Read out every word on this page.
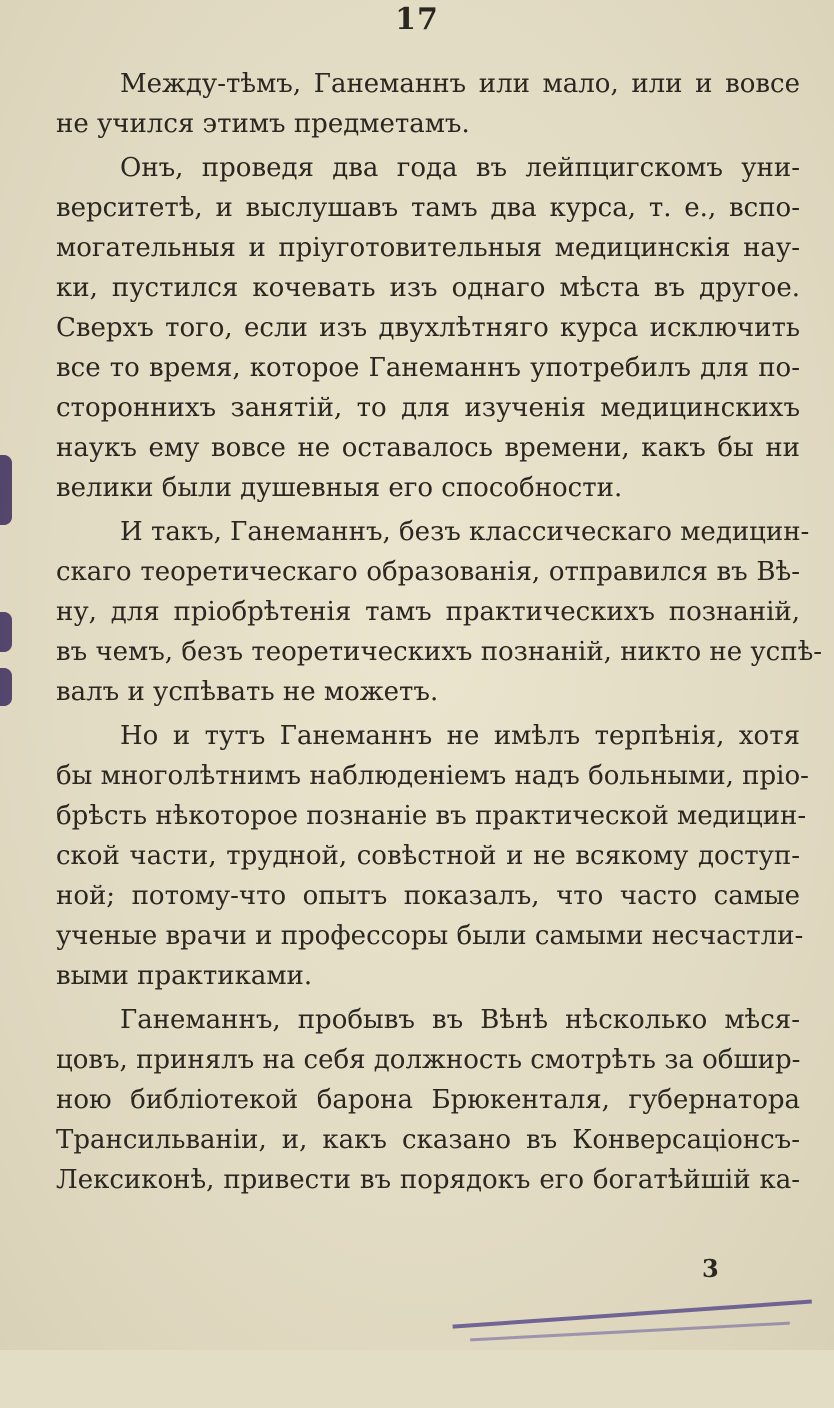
17
Между-тѣмъ, Ганеманнъ или мало, или и вовсе
не учился этимъ предметамъ.
Онъ, проведя два года въ лейпцигскомъ уни-
верситетѣ, и выслушавъ тамъ два курса, т. е., вспо-
могательныя и пріуготовительныя медицинскія нау-
ки, пустился кочевать изъ однаго мѣста въ другое.
Сверхъ того, если изъ двухлѣтняго курса исключить
все то время, которое Ганеманнъ употребилъ для по-
стороннихъ занятій, то для изученія медицинскихъ
наукъ ему вовсе не оставалось времени, какъ бы ни
велики были душевныя его способности.
И такъ, Ганеманнъ, безъ классическаго медицин-
скаго теоретическаго образованія, отправился въ Вѣ-
ну, для пріобрѣтенія тамъ практическихъ познаній,
въ чемъ, безъ теоретическихъ познаній, никто не успѣ-
валъ и успѣвать не можетъ.
Но и тутъ Ганеманнъ не имѣлъ терпѣнія, хотя
бы многолѣтнимъ наблюденіемъ надъ больными, пріо-
брѣсть нѣкоторое познаніе въ практической медицин-
ской части, трудной, совѣстной и не всякому доступ-
ной; потому-что опытъ показалъ, что часто самые
ученые врачи и профессоры были самыми несчастли-
выми практиками.
Ганеманнъ, пробывъ въ Вѣнѣ нѣсколько мѣся-
цовъ, принялъ на себя должность смотрѣть за обшир-
ною библіотекой барона Брюкенталя, губернатора
Трансильваніи, и, какъ сказано въ Конверсаціонсъ-
Лексиконѣ, привести въ порядокъ его богатѣйшій ка-
3
